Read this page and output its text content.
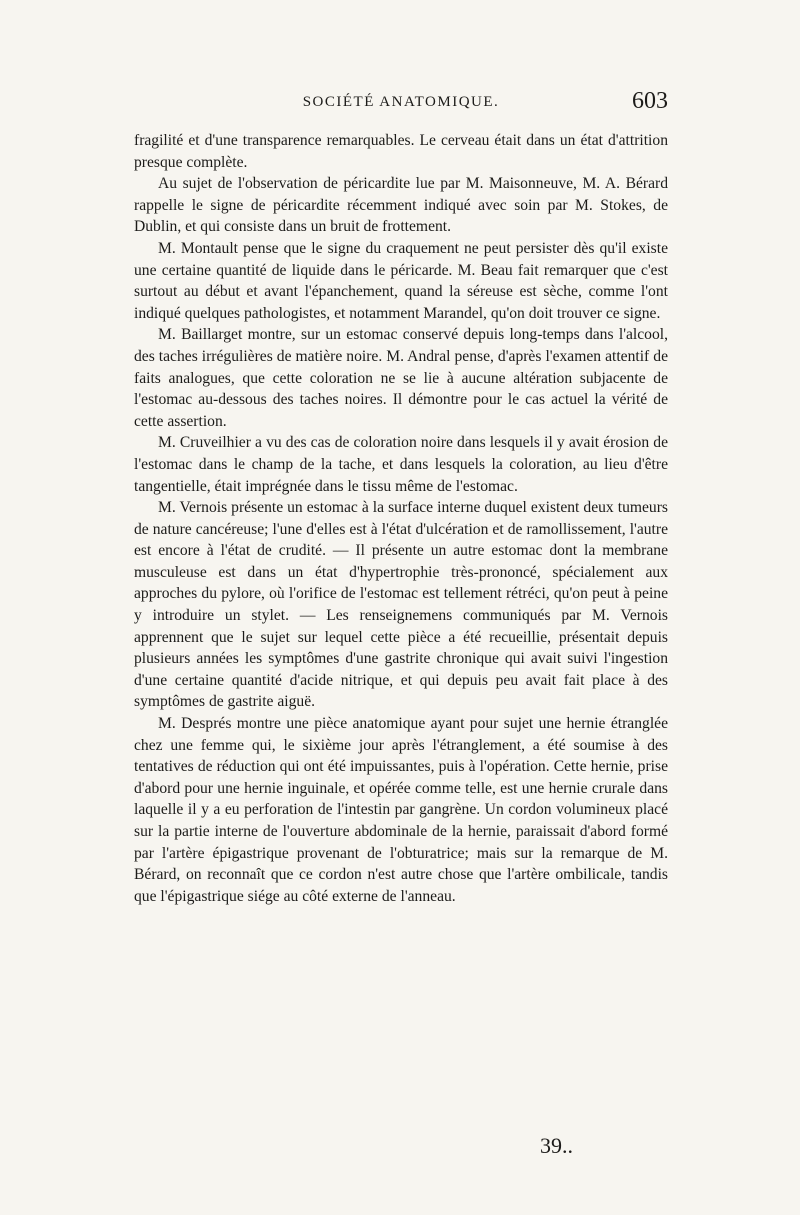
SOCIÉTÉ ANATOMIQUE.	603

fragilité et d'une transparence remarquables. Le cerveau était dans un état d'attrition presque complète.

Au sujet de l'observation de péricardite lue par M. Maisonneuve, M. A. Bérard rappelle le signe de péricardite récemment indiqué avec soin par M. Stokes, de Dublin, et qui consiste dans un bruit de frottement.

M. Montault pense que le signe du craquement ne peut persister dès qu'il existe une certaine quantité de liquide dans le péricarde. M. Beau fait remarquer que c'est surtout au début et avant l'épanchement, quand la séreuse est sèche, comme l'ont indiqué quelques pathologistes, et notamment Marandel, qu'on doit trouver ce signe.

M. Baillarget montre, sur un estomac conservé depuis long-temps dans l'alcool, des taches irrégulières de matière noire. M. Andral pense, d'après l'examen attentif de faits analogues, que cette coloration ne se lie à aucune altération subjacente de l'estomac au-dessous des taches noires. Il démontre pour le cas actuel la vérité de cette assertion.

M. Cruveilhier a vu des cas de coloration noire dans lesquels il y avait érosion de l'estomac dans le champ de la tache, et dans lesquels la coloration, au lieu d'être tangentielle, était imprégnée dans le tissu même de l'estomac.

M. Vernois présente un estomac à la surface interne duquel existent deux tumeurs de nature cancéreuse; l'une d'elles est à l'état d'ulcération et de ramollissement, l'autre est encore à l'état de crudité. — Il présente un autre estomac dont la membrane musculeuse est dans un état d'hypertrophie très-prononcé, spécialement aux approches du pylore, où l'orifice de l'estomac est tellement rétréci, qu'on peut à peine y introduire un stylet. — Les renseignemens communiqués par M. Vernois apprennent que le sujet sur lequel cette pièce a été recueillie, présentait depuis plusieurs années les symptômes d'une gastrite chronique qui avait suivi l'ingestion d'une certaine quantité d'acide nitrique, et qui depuis peu avait fait place à des symptômes de gastrite aiguë.

M. Després montre une pièce anatomique ayant pour sujet une hernie étranglée chez une femme qui, le sixième jour après l'étranglement, a été soumise à des tentatives de réduction qui ont été impuissantes, puis à l'opération. Cette hernie, prise d'abord pour une hernie inguinale, et opérée comme telle, est une hernie crurale dans laquelle il y a eu perforation de l'intestin par gangrène. Un cordon volumineux placé sur la partie interne de l'ouverture abdominale de la hernie, paraissait d'abord formé par l'artère épigastrique provenant de l'obturatrice; mais sur la remarque de M. Bérard, on reconnaît que ce cordon n'est autre chose que l'artère ombilicale, tandis que l'épigastrique siége au côté externe de l'anneau.

39..
